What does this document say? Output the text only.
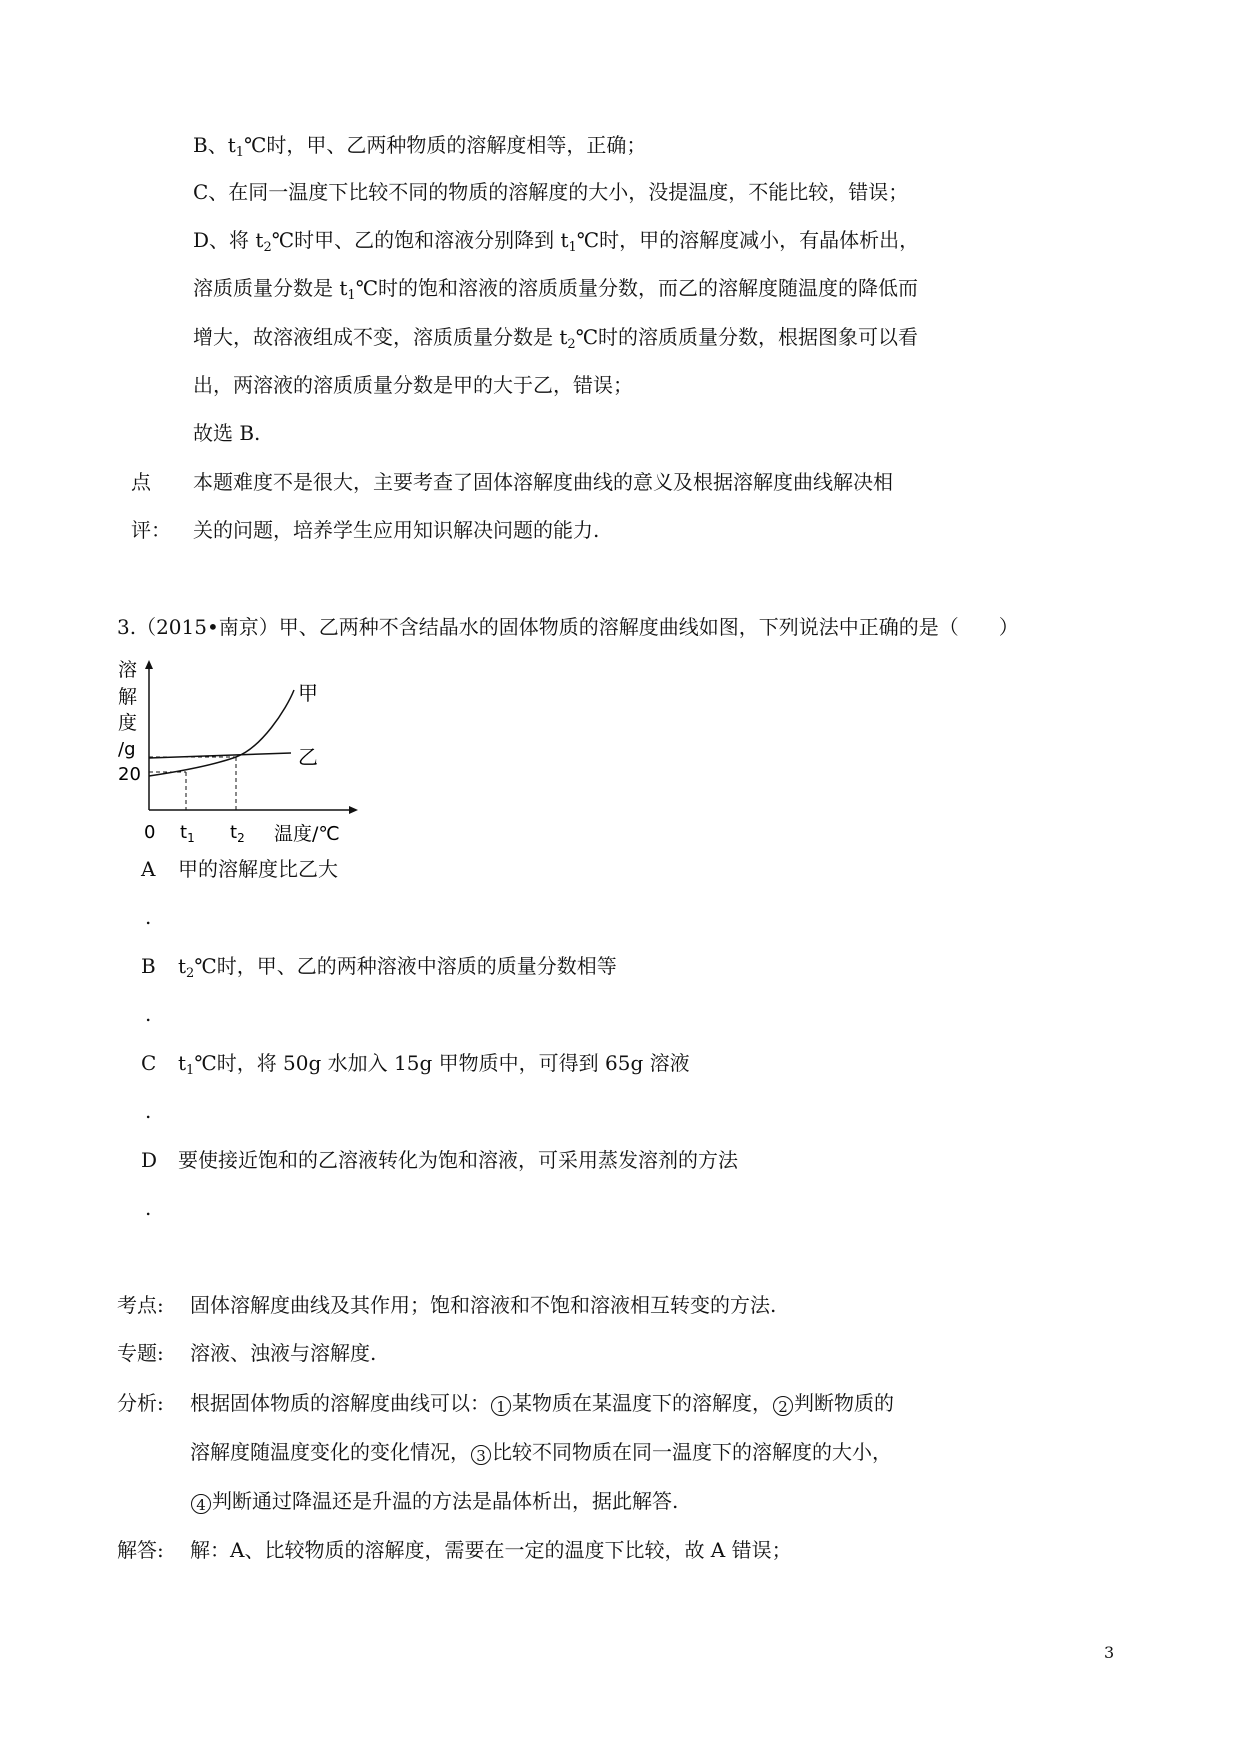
B、$t_1℃$时，甲、乙两种物质的溶解度相等，正确；
C、在同一温度下比较不同的物质的溶解度的大小，没提温度，不能比较，错误；
D、将 $t_2℃$时甲、乙的饱和溶液分别降到 $t_1℃$时，甲的溶解度减小，有晶体析出，
溶质质量分数是 $t_1℃$时的饱和溶液的溶质质量分数，而乙的溶解度随温度的降低而
增大，故溶液组成不变，溶质质量分数是 $t_2℃$时的溶质质量分数，根据图象可以看
出，两溶液的溶质质量分数是甲的大于乙，错误；
故选 B.
点 本题难度不是很大，主要考查了固体溶解度曲线的意义及根据溶解度曲线解决相
评： 关的问题，培养学生应用知识解决问题的能力.
3.（2015•南京）甲、乙两种不含结晶水的固体物质的溶解度曲线如图，下列说法中正确的是（　　）
溶
解
度
/g
20
甲
乙
0 $t_1$ $t_2$ 温度/℃
A 甲的溶解度比乙大
.
B $t_2℃$时，甲、乙的两种溶液中溶质的质量分数相等
.
C $t_1℃$时，将 50g 水加入 15g 甲物质中，可得到 65g 溶液
.
D 要使接近饱和的乙溶液转化为饱和溶液，可采用蒸发溶剂的方法
.
考点: 固体溶解度曲线及其作用；饱和溶液和不饱和溶液相互转变的方法.
专题: 溶液、浊液与溶解度.
分析: 根据固体物质的溶解度曲线可以： 1 某物质在某温度下的溶解度， 2 判断物质的
溶解度随温度变化的变化情况， 3 比较不同物质在同一温度下的溶解度的大小，
4 判断通过降温还是升温的方法是晶体析出，据此解答.
解答: 解：A、比较物质的溶解度，需要在一定的温度下比较，故 A 错误；
3
